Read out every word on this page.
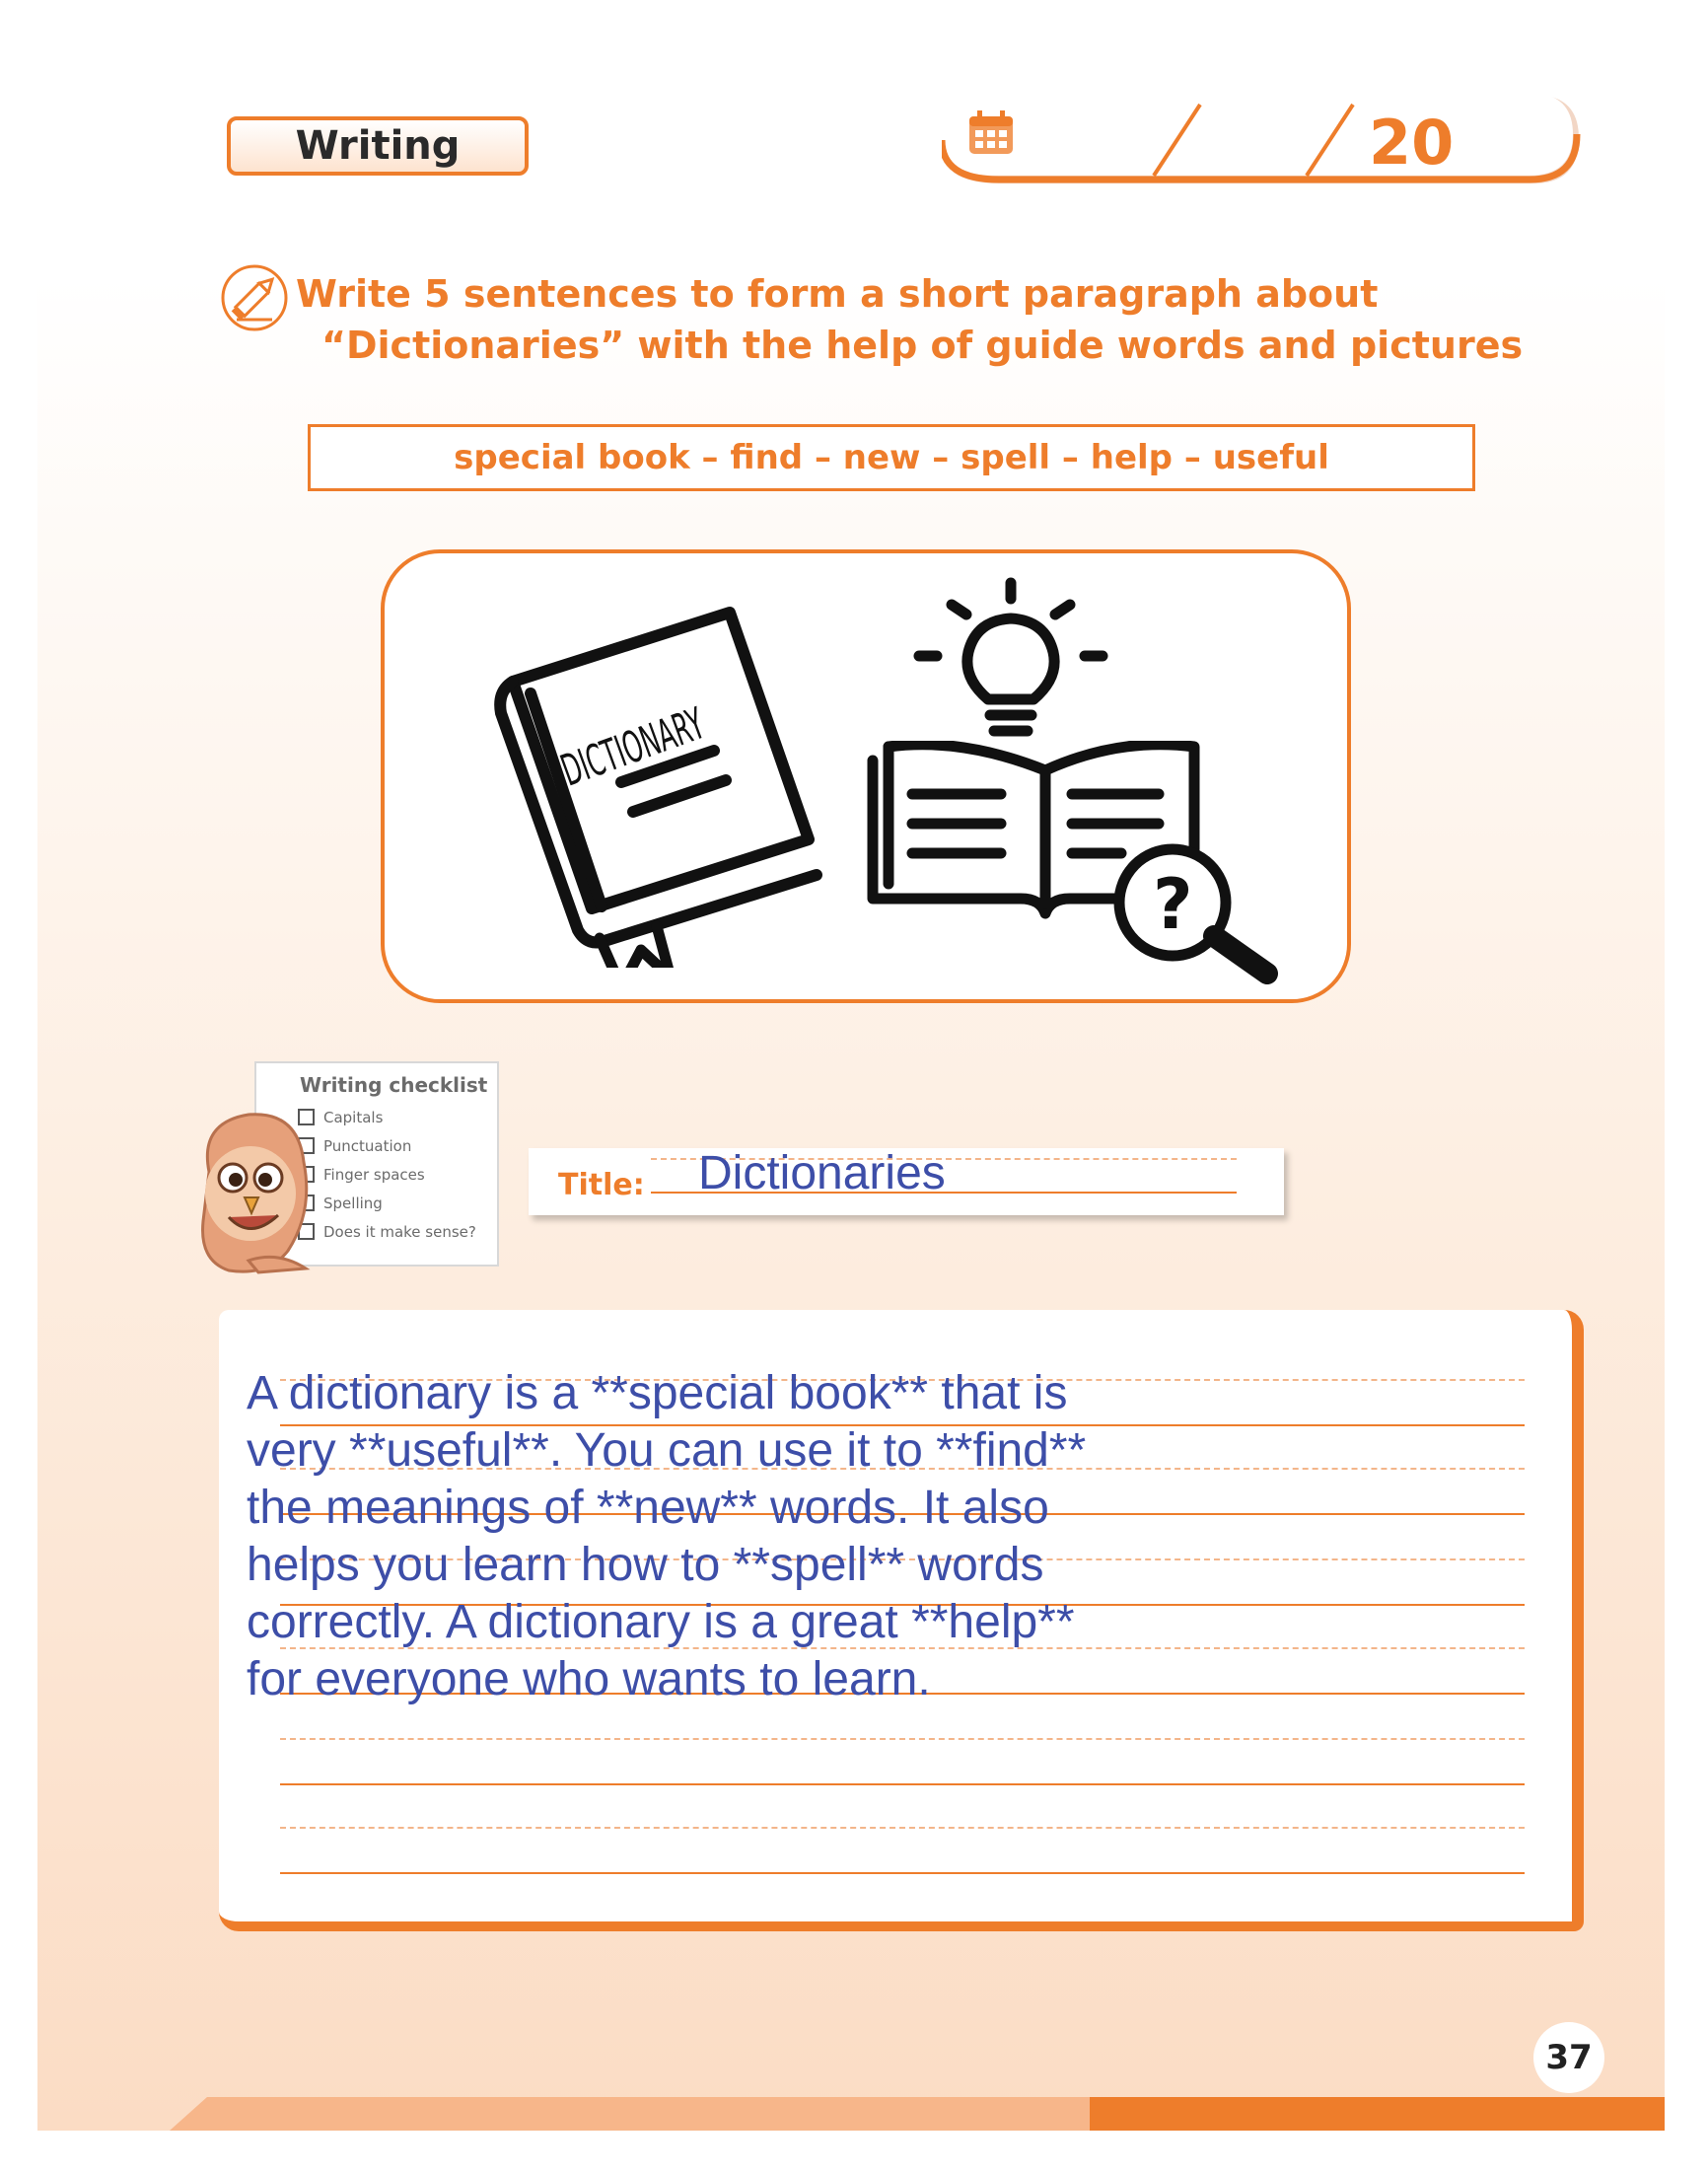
Writing	20
Write 5 sentences to form a short paragraph about
“Dictionaries” with the help of guide words and pictures
special book – find – new – spell – help – useful
DICTIONARY
?
Writing checklist
Capitals
Punctuation
Finger spaces
Spelling
Does it make sense?
Title: Dictionaries
A dictionary is a **special book** that is
very **useful**. You can use it to **find**
the meanings of **new** words. It also
helps you learn how to **spell** words
correctly. A dictionary is a great **help**
for everyone who wants to learn.
37
